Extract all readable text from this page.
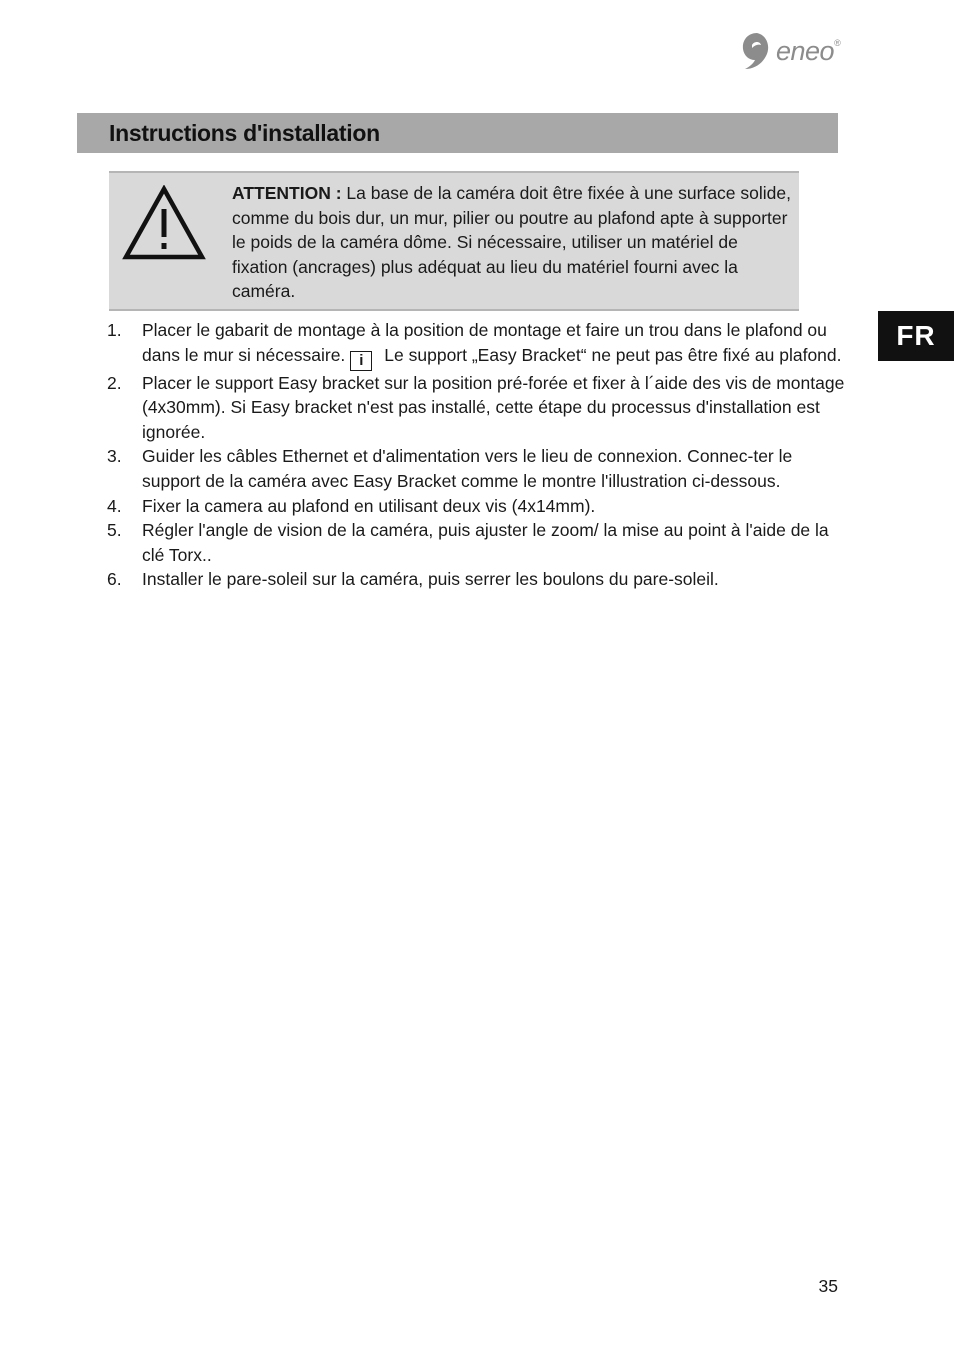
eneo ®
Instructions d'installation
ATTENTION : La base de la caméra doit être fixée à une surface solide, comme du bois dur, un mur, pilier ou poutre au plafond apte à supporter le poids de la caméra dôme. Si nécessaire, utiliser un matériel de fixation (ancrages) plus adéquat au lieu du matériel fourni avec la caméra.
1.	Placer le gabarit de montage à la position de montage et faire un trou dans le plafond ou dans le mur si nécessaire. i Le support „Easy Bracket“ ne peut pas être fixé au plafond.
2.	Placer le support Easy bracket sur la position pré-forée et fixer à l´aide des vis de montage (4x30mm). Si Easy bracket n'est pas installé, cette étape du processus d'installation est ignorée.
3.	Guider les câbles Ethernet et d'alimentation vers le lieu de connexion. Connec-ter le support de la caméra avec Easy Bracket comme le montre l'illustration ci-dessous.
4.	Fixer la camera au plafond en utilisant deux vis (4x14mm).
5.	Régler l'angle de vision de la caméra, puis ajuster le zoom/ la mise au point à l'aide de la clé Torx..
6.	Installer le pare-soleil sur la caméra, puis serrer les boulons du pare-soleil.
FR
35
